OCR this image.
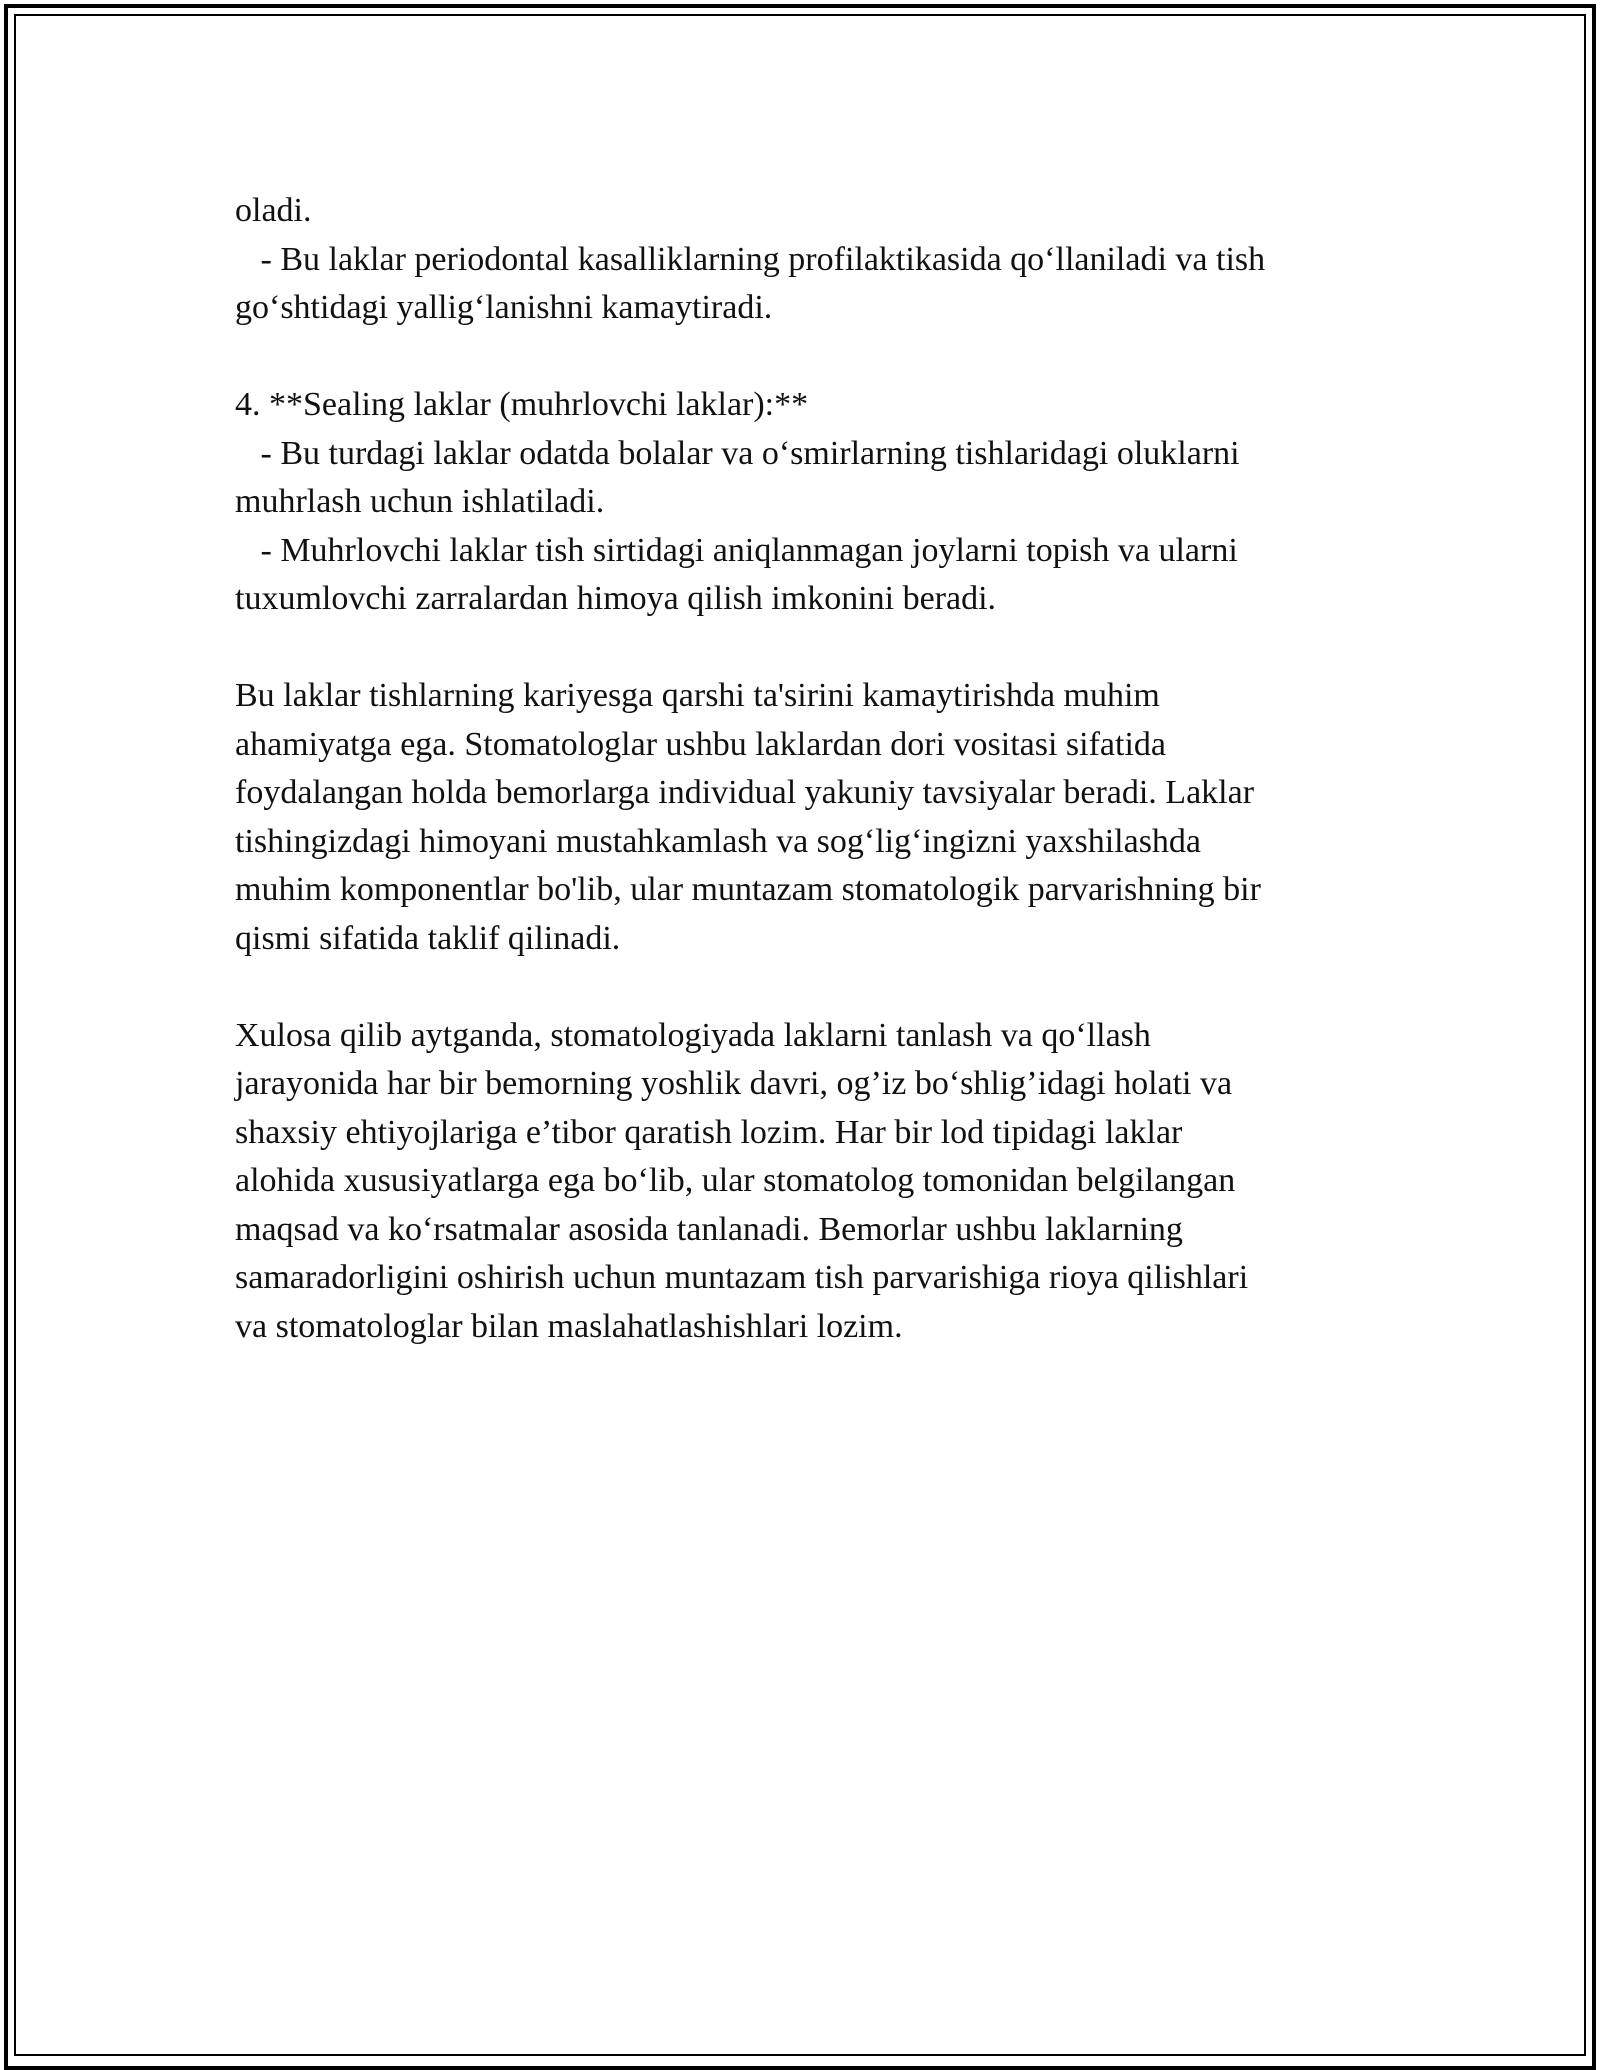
oladi.

- Bu laklar periodontal kasalliklarning profilaktikasida qo‘llaniladi va tish

go‘shtidagi yallig‘lanishni kamaytiradi.

4. **Sealing laklar (muhrlovchi laklar):**

- Bu turdagi laklar odatda bolalar va o‘smirlarning tishlaridagi oluklarni

muhrlash uchun ishlatiladi.

- Muhrlovchi laklar tish sirtidagi aniqlanmagan joylarni topish va ularni

tuxumlovchi zarralardan himoya qilish imkonini beradi.

Bu laklar tishlarning kariyesga qarshi ta'sirini kamaytirishda muhim

ahamiyatga ega. Stomatologlar ushbu laklardan dori vositasi sifatida

foydalangan holda bemorlarga individual yakuniy tavsiyalar beradi. Laklar

tishingizdagi himoyani mustahkamlash va sog‘lig‘ingizni yaxshilashda

muhim komponentlar bo'lib, ular muntazam stomatologik parvarishning bir

qismi sifatida taklif qilinadi.

Xulosa qilib aytganda, stomatologiyada laklarni tanlash va qo‘llash

jarayonida har bir bemorning yoshlik davri, og’iz bo‘shlig’idagi holati va

shaxsiy ehtiyojlariga e’tibor qaratish lozim. Har bir lod tipidagi laklar

alohida xususiyatlarga ega bo‘lib, ular stomatolog tomonidan belgilangan

maqsad va ko‘rsatmalar asosida tanlanadi. Bemorlar ushbu laklarning

samaradorligini oshirish uchun muntazam tish parvarishiga rioya qilishlari

va stomatologlar bilan maslahatlashishlari lozim.
